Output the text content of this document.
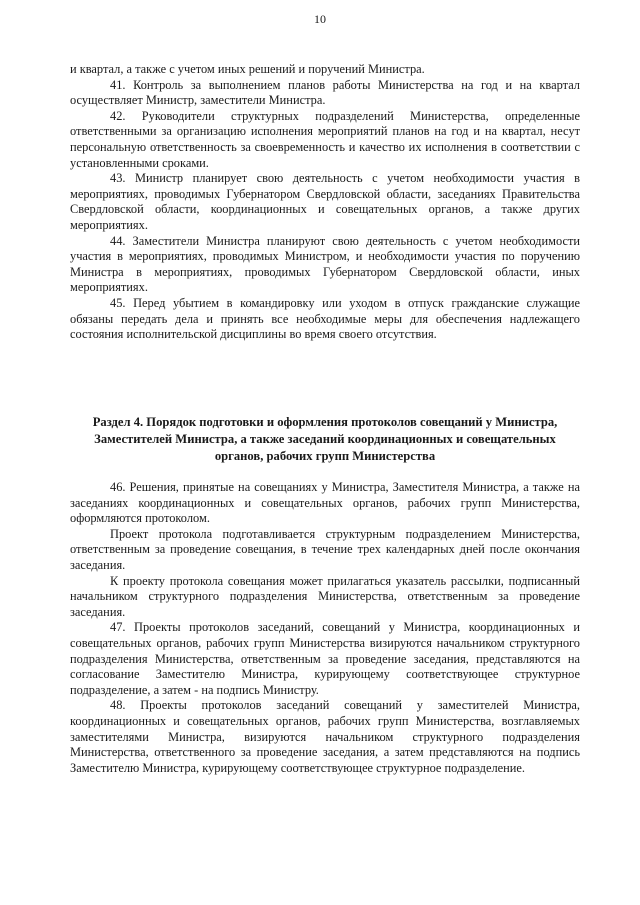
10

и квартал, а также с учетом иных решений и поручений Министра.

41. Контроль за выполнением планов работы Министерства на год и на квартал осуществляет Министр, заместители Министра.

42. Руководители структурных подразделений Министерства, определенные ответственными за организацию исполнения мероприятий планов на год и на квартал, несут персональную ответственность за своевременность и качество их исполнения в соответствии с установленными сроками.

43. Министр планирует свою деятельность с учетом необходимости участия в мероприятиях, проводимых Губернатором Свердловской области, заседаниях Правительства Свердловской области, координационных и совещательных органов, а также других мероприятиях.

44. Заместители Министра планируют свою деятельность с учетом необходимости участия в мероприятиях, проводимых Министром, и необходимости участия по поручению Министра в мероприятиях, проводимых Губернатором Свердловской области, иных мероприятиях.

45. Перед убытием в командировку или уходом в отпуск гражданские служащие обязаны передать дела и принять все необходимые меры для обеспечения надлежащего состояния исполнительской дисциплины во время своего отсутствия.

Раздел 4. Порядок подготовки и оформления протоколов совещаний у Министра, Заместителей Министра, а также заседаний координационных и совещательных органов, рабочих групп Министерства

46. Решения, принятые на совещаниях у Министра, Заместителя Министра, а также на заседаниях координационных и совещательных органов, рабочих групп Министерства, оформляются протоколом.

Проект протокола подготавливается структурным подразделением Министерства, ответственным за проведение совещания, в течение трех календарных дней после окончания заседания.

К проекту протокола совещания может прилагаться указатель рассылки, подписанный начальником структурного подразделения Министерства, ответственным за проведение заседания.

47. Проекты протоколов заседаний, совещаний у Министра, координационных и совещательных органов, рабочих групп Министерства визируются начальником структурного подразделения Министерства, ответственным за проведение заседания, представляются на согласование Заместителю Министра, курирующему соответствующее структурное подразделение, а затем - на подпись Министру.

48. Проекты протоколов заседаний совещаний у заместителей Министра, координационных и совещательных органов, рабочих групп Министерства, возглавляемых заместителями Министра, визируются начальником структурного подразделения Министерства, ответственного за проведение заседания, а затем представляются на подпись Заместителю Министра, курирующему соответствующее структурное подразделение.
